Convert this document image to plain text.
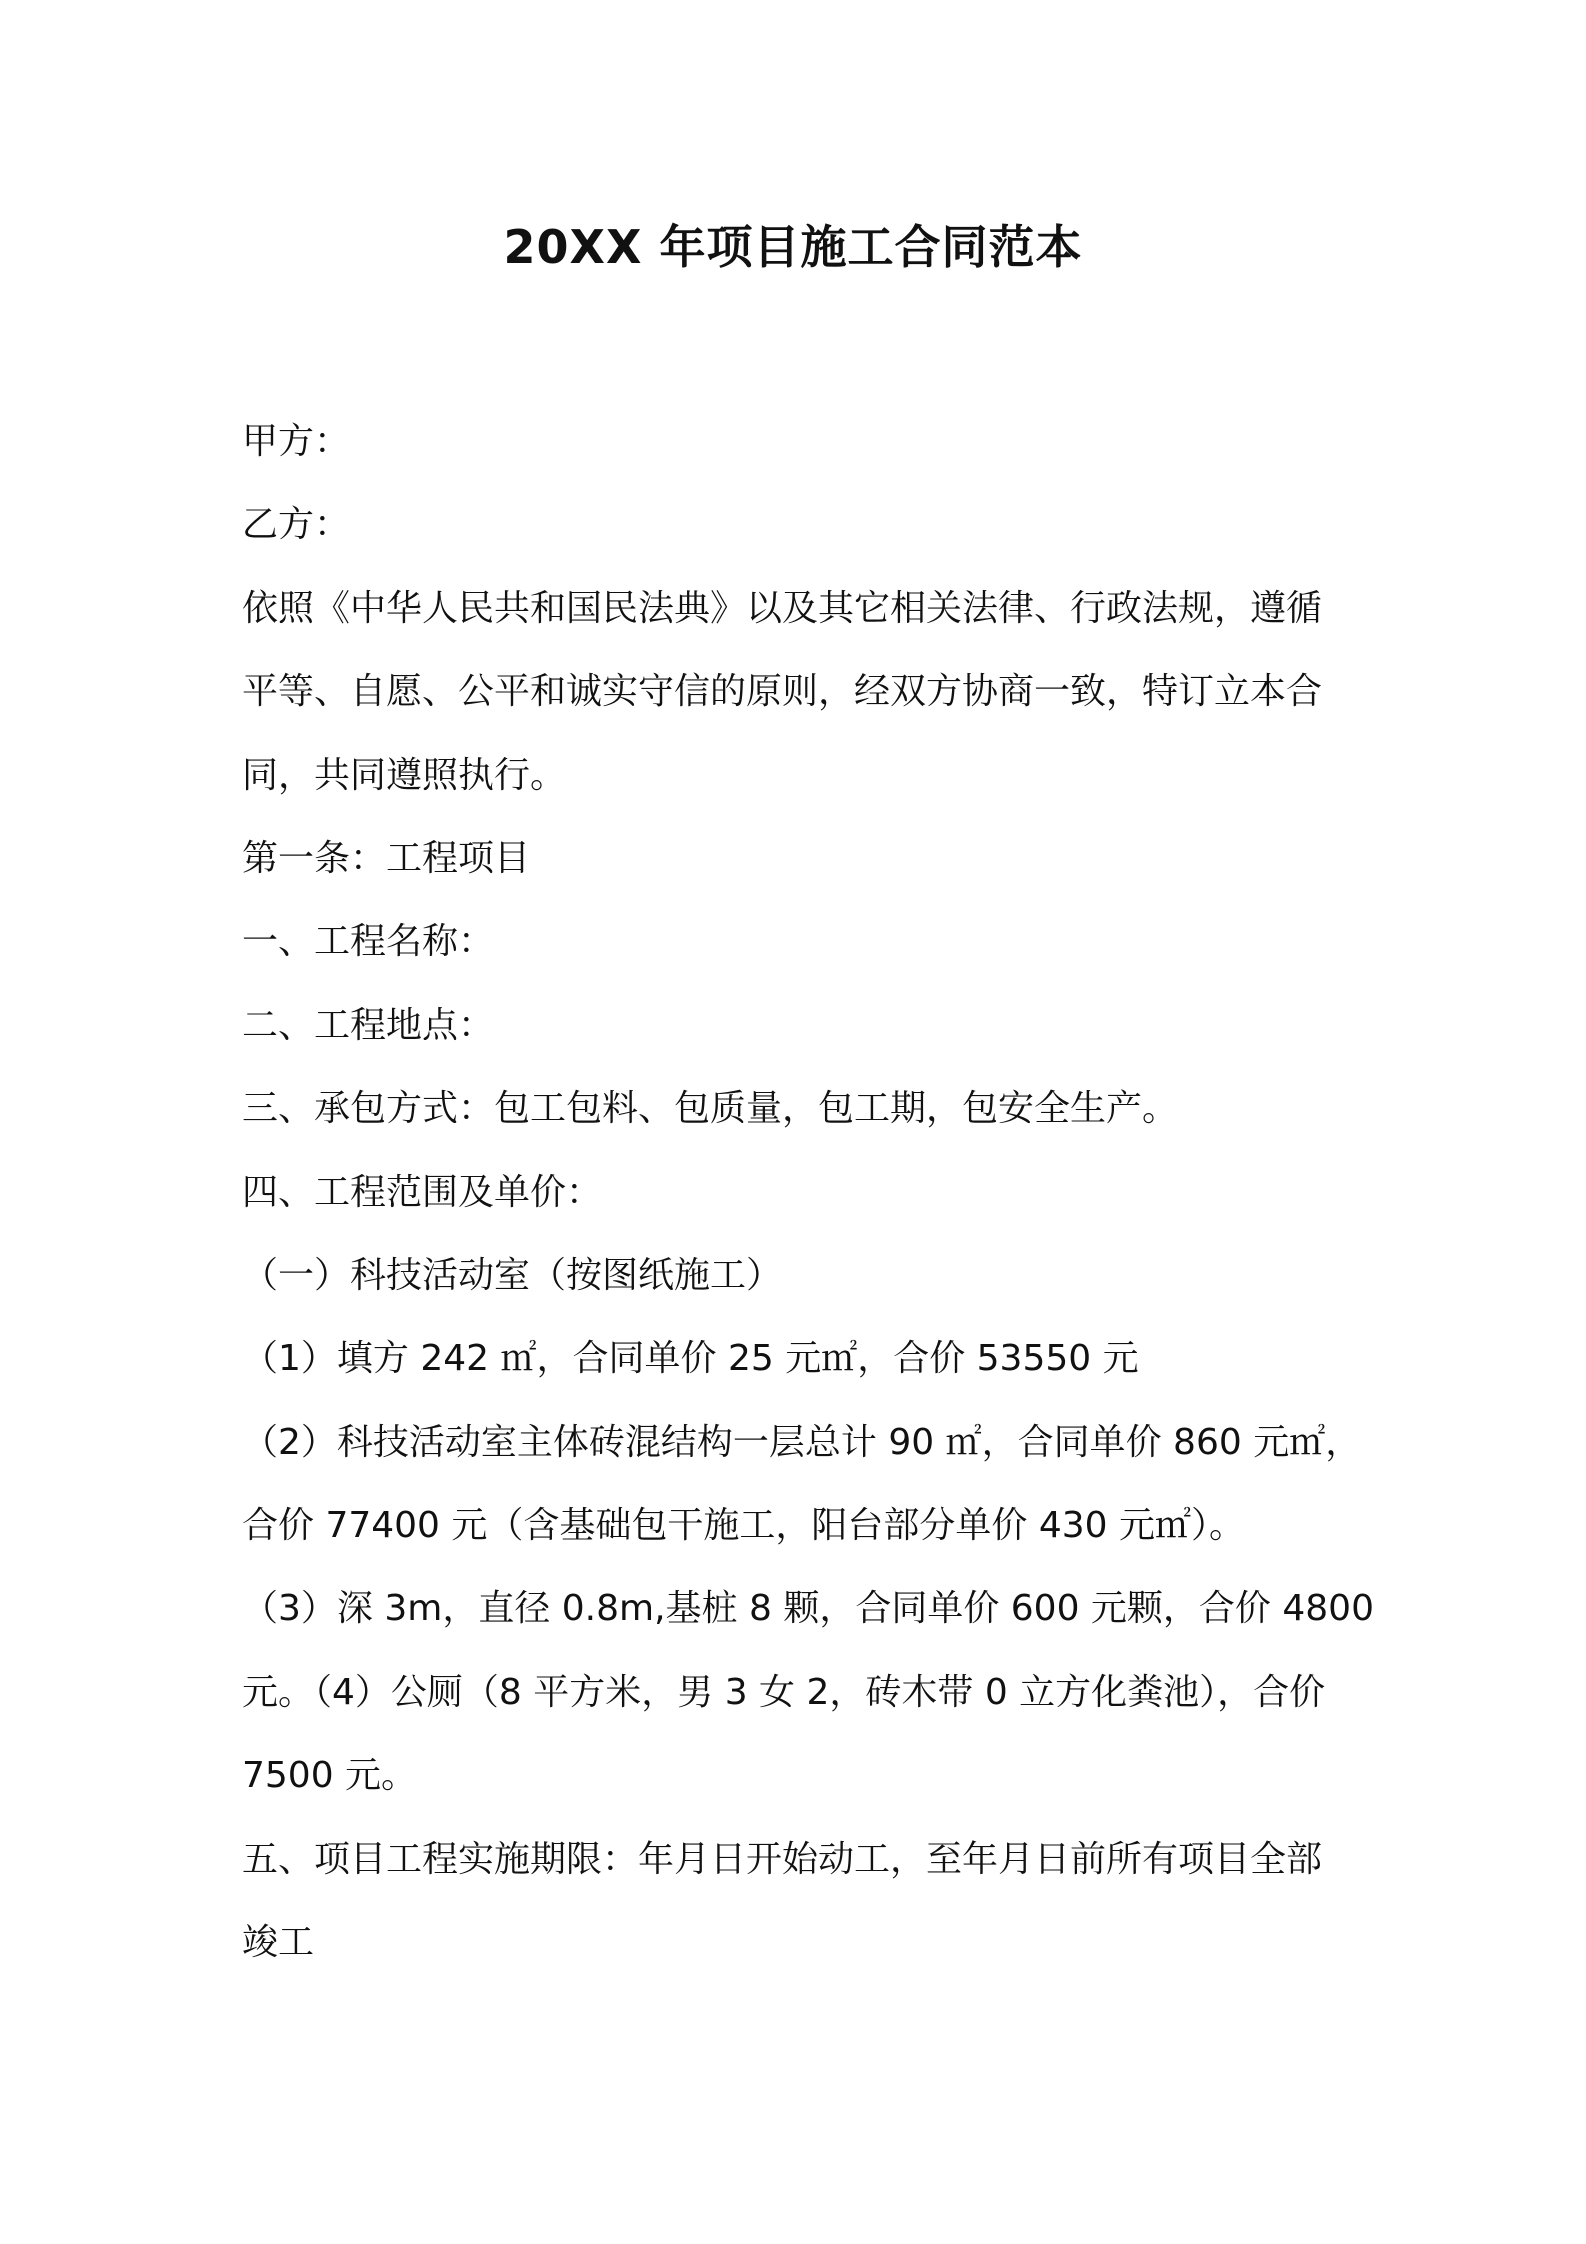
20XX 年项目施工合同范本

甲方：

乙方：

依照《中华人民共和国民法典》以及其它相关法律、行政法规，遵循
平等、自愿、公平和诚实守信的原则，经双方协商一致，特订立本合
同，共同遵照执行。

第一条：工程项目

一、工程名称：

二、工程地点：

三、承包方式：包工包料、包质量，包工期，包安全生产。

四、工程范围及单价：

（一）科技活动室（按图纸施工）

（1）填方 242 ㎡，合同单价 25 元㎡，合价 53550 元

（2）科技活动室主体砖混结构一层总计 90 ㎡，合同单价 860 元㎡，
合价 77400 元（含基础包干施工，阳台部分单价 430 元㎡）。
（3）深 3m，直径 0.8m,基桩 8 颗，合同单价 600 元颗，合价 4800
元。（4）公厕（8 平方米，男 3 女 2，砖木带 0 立方化粪池），合价
7500 元。
五、项目工程实施期限：年月日开始动工，至年月日前所有项目全部
竣工
